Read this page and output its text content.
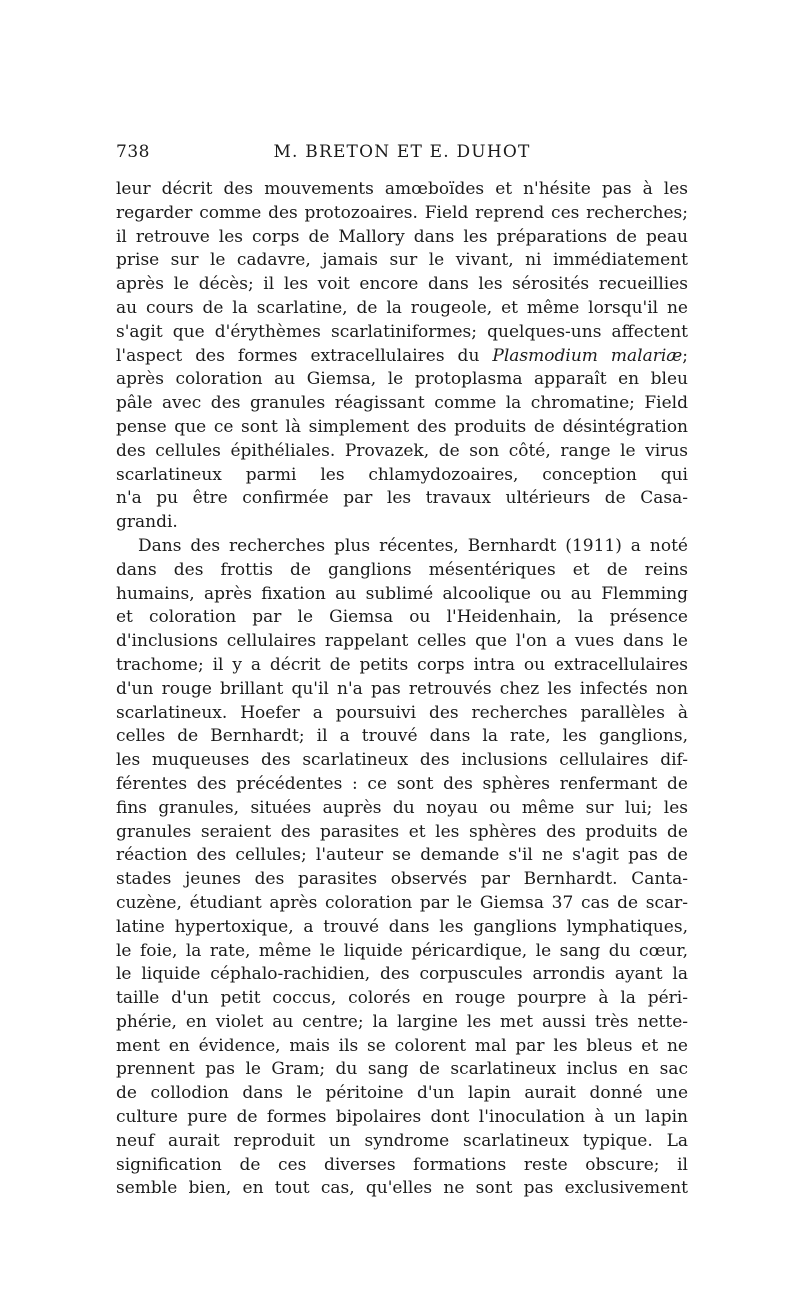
738	M. BRETON ET E. DUHOT
leur décrit des mouvements amœboïdes et n'hésite pas à les
regarder comme des protozoaires. Field reprend ces recherches;
il retrouve les corps de Mallory dans les préparations de peau
prise sur le cadavre, jamais sur le vivant, ni immédiatement
après le décès; il les voit encore dans les sérosités recueillies
au cours de la scarlatine, de la rougeole, et même lorsqu'il ne
s'agit que d'érythèmes scarlatiniformes; quelques-uns affectent
l'aspect des formes extracellulaires du Plasmodium malariæ;
après coloration au Giemsa, le protoplasma apparaît en bleu
pâle avec des granules réagissant comme la chromatine; Field
pense que ce sont là simplement des produits de désintégration
des cellules épithéliales. Provazek, de son côté, range le virus
scarlatineux parmi les chlamydozoaires, conception qui
n'a pu être confirmée par les travaux ultérieurs de Casa-
grandi.
Dans des recherches plus récentes, Bernhardt (1911) a noté
dans des frottis de ganglions mésentériques et de reins
humains, après fixation au sublimé alcoolique ou au Flemming
et coloration par le Giemsa ou l'Heidenhain, la présence
d'inclusions cellulaires rappelant celles que l'on a vues dans le
trachome; il y a décrit de petits corps intra ou extracellulaires
d'un rouge brillant qu'il n'a pas retrouvés chez les infectés non
scarlatineux. Hoefer a poursuivi des recherches parallèles à
celles de Bernhardt; il a trouvé dans la rate, les ganglions,
les muqueuses des scarlatineux des inclusions cellulaires dif-
férentes des précédentes : ce sont des sphères renfermant de
fins granules, situées auprès du noyau ou même sur lui; les
granules seraient des parasites et les sphères des produits de
réaction des cellules; l'auteur se demande s'il ne s'agit pas de
stades jeunes des parasites observés par Bernhardt. Canta-
cuzène, étudiant après coloration par le Giemsa 37 cas de scar-
latine hypertoxique, a trouvé dans les ganglions lymphatiques,
le foie, la rate, même le liquide péricardique, le sang du cœur,
le liquide céphalo-rachidien, des corpuscules arrondis ayant la
taille d'un petit coccus, colorés en rouge pourpre à la péri-
phérie, en violet au centre; la largine les met aussi très nette-
ment en évidence, mais ils se colorent mal par les bleus et ne
prennent pas le Gram; du sang de scarlatineux inclus en sac
de collodion dans le péritoine d'un lapin aurait donné une
culture pure de formes bipolaires dont l'inoculation à un lapin
neuf aurait reproduit un syndrome scarlatineux typique. La
signification de ces diverses formations reste obscure; il
semble bien, en tout cas, qu'elles ne sont pas exclusivement
